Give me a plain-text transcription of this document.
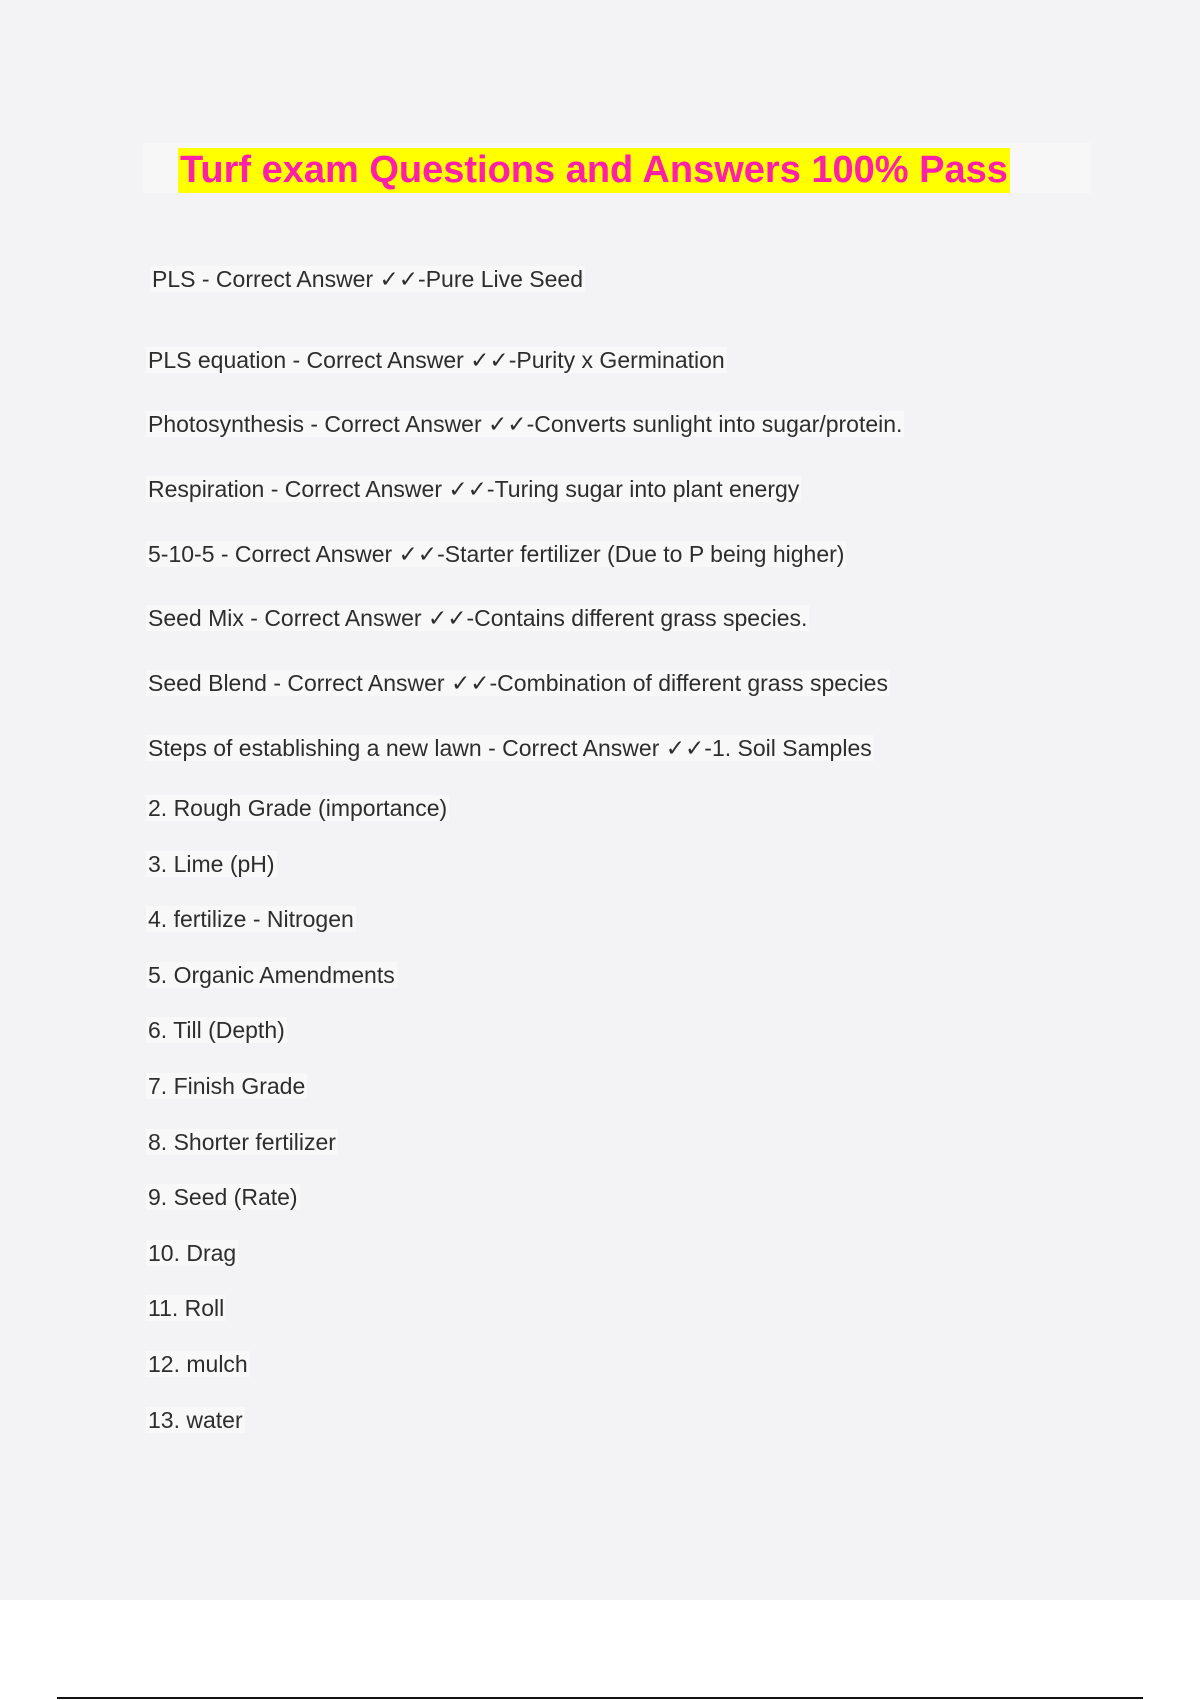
Turf exam Questions and Answers 100% Pass
PLS - Correct Answer ✓✓-Pure Live Seed
PLS equation - Correct Answer ✓✓-Purity x Germination
Photosynthesis - Correct Answer ✓✓-Converts sunlight into sugar/protein.
Respiration - Correct Answer ✓✓-Turing sugar into plant energy
5-10-5 - Correct Answer ✓✓-Starter fertilizer (Due to P being higher)
Seed Mix - Correct Answer ✓✓-Contains different grass species.
Seed Blend - Correct Answer ✓✓-Combination of different grass species
Steps of establishing a new lawn - Correct Answer ✓✓-1. Soil Samples
2. Rough Grade (importance)
3. Lime (pH)
4. fertilize - Nitrogen
5. Organic Amendments
6. Till (Depth)
7. Finish Grade
8. Shorter fertilizer
9. Seed (Rate)
10. Drag
11. Roll
12. mulch
13. water
